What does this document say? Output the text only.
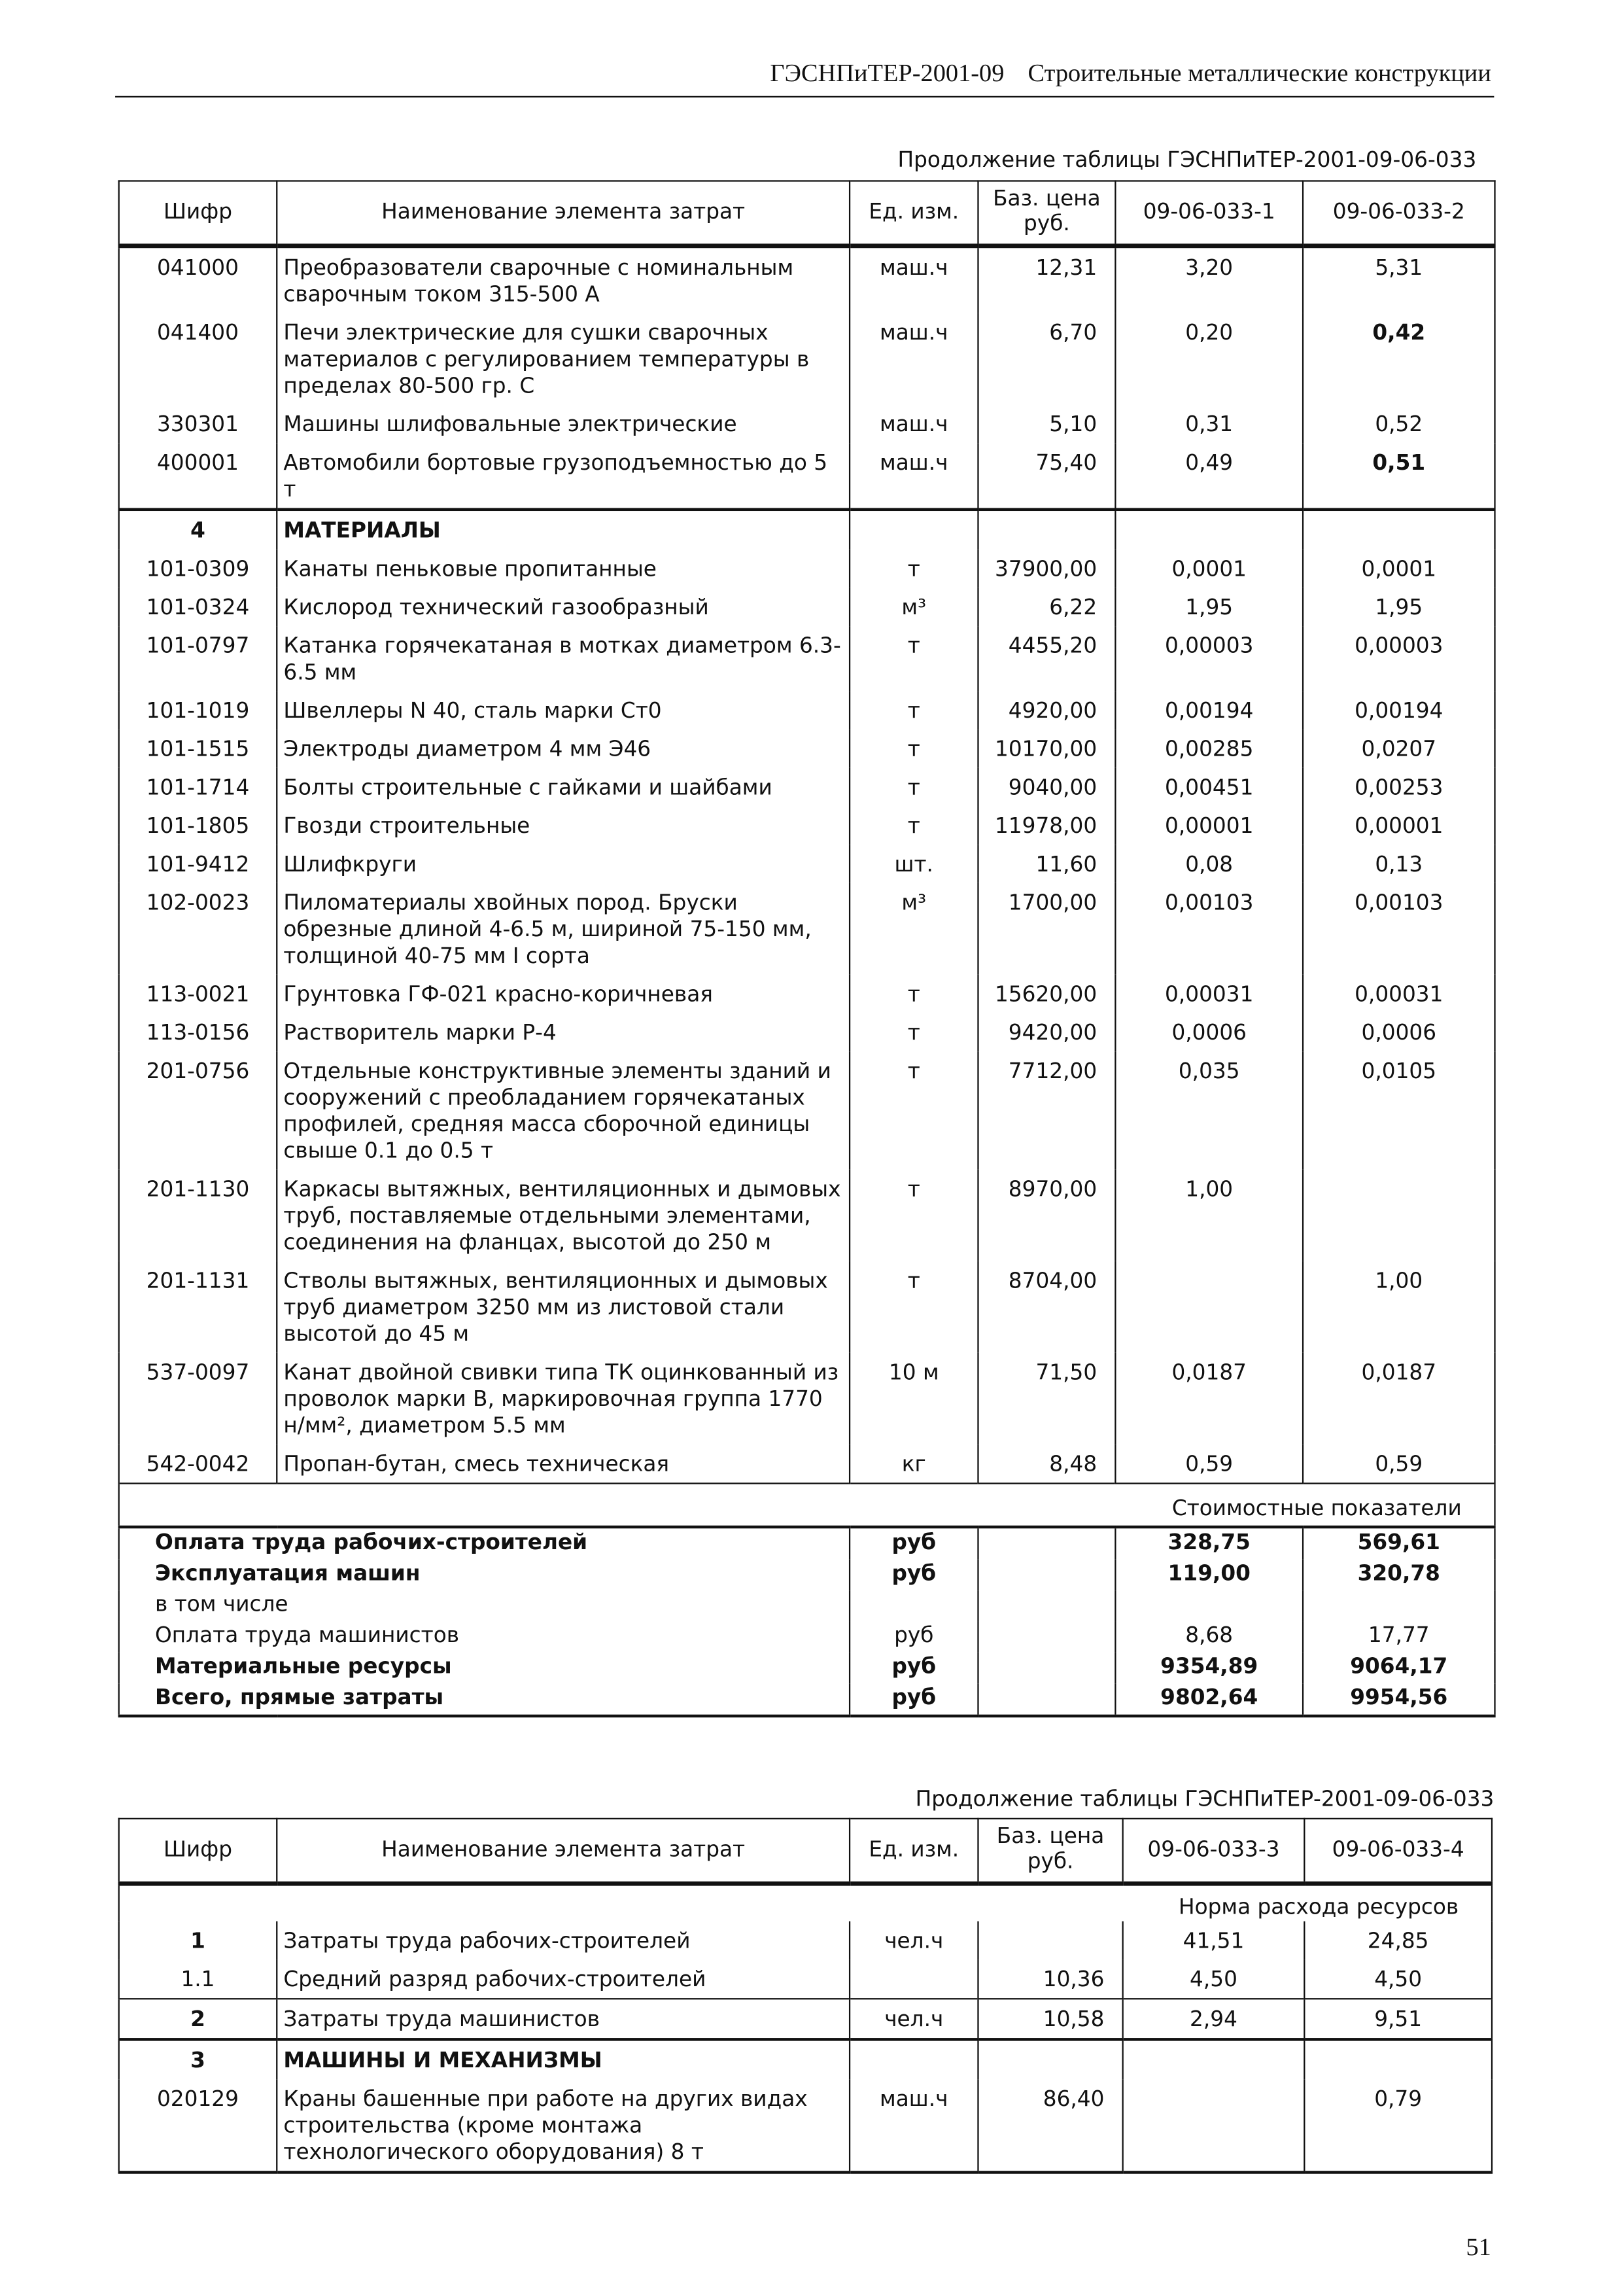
ГЭСНПиТЕР-2001-09 Строительные металлические конструкции
Продолжение таблицы ГЭСНПиТЕР-2001-09-06-033
Шифр	Наименование элемента затрат	Ед. изм.	Баз. цена руб.	09-06-033-1	09-06-033-2
041000	Преобразователи сварочные с номинальным сварочным током 315-500 А	маш.ч	12,31	3,20	5,31
041400	Печи электрические для сушки сварочных материалов с регулированием температуры в пределах 80-500 гр. С	маш.ч	6,70	0,20	0,42
330301	Машины шлифовальные электрические	маш.ч	5,10	0,31	0,52
400001	Автомобили бортовые грузоподъемностью до 5 т	маш.ч	75,40	0,49	0,51
4	МАТЕРИАЛЫ				
101-0309	Канаты пеньковые пропитанные	т	37900,00	0,0001	0,0001
101-0324	Кислород технический газообразный	м³	6,22	1,95	1,95
101-0797	Катанка горячекатаная в мотках диаметром 6.3-6.5 мм	т	4455,20	0,00003	0,00003
101-1019	Швеллеры N 40, сталь марки Ст0	т	4920,00	0,00194	0,00194
101-1515	Электроды диаметром 4 мм Э46	т	10170,00	0,00285	0,0207
101-1714	Болты строительные с гайками и шайбами	т	9040,00	0,00451	0,00253
101-1805	Гвозди строительные	т	11978,00	0,00001	0,00001
101-9412	Шлифкруги	шт.	11,60	0,08	0,13
102-0023	Пиломатериалы хвойных пород. Бруски обрезные длиной 4-6.5 м, шириной 75-150 мм, толщиной 40-75 мм I сорта	м³	1700,00	0,00103	0,00103
113-0021	Грунтовка ГФ-021 красно-коричневая	т	15620,00	0,00031	0,00031
113-0156	Растворитель марки Р-4	т	9420,00	0,0006	0,0006
201-0756	Отдельные конструктивные элементы зданий и сооружений с преобладанием горячекатаных профилей, средняя масса сборочной единицы свыше 0.1 до 0.5 т	т	7712,00	0,035	0,0105
201-1130	Каркасы вытяжных, вентиляционных и дымовых труб, поставляемые отдельными элементами, соединения на фланцах, высотой до 250 м	т	8970,00	1,00	
201-1131	Стволы вытяжных, вентиляционных и дымовых труб диаметром 3250 мм из листовой стали высотой до 45 м	т	8704,00		1,00
537-0097	Канат двойной свивки типа ТК оцинкованный из проволок марки В, маркировочная группа 1770 н/мм², диаметром 5.5 мм	10 м	71,50	0,0187	0,0187
542-0042	Пропан-бутан, смесь техническая	кг	8,48	0,59	0,59
Стоимостные показатели					
Оплата труда рабочих-строителей		руб		328,75	569,61
Эксплуатация машин		руб		119,00	320,78
в том числе					
Оплата труда машинистов		руб		8,68	17,77
Материальные ресурсы		руб		9354,89	9064,17
Всего, прямые затраты		руб		9802,64	9954,56
Продолжение таблицы ГЭСНПиТЕР-2001-09-06-033
Шифр	Наименование элемента затрат	Ед. изм.	Баз. цена руб.	09-06-033-3	09-06-033-4
Норма расхода ресурсов					
1	Затраты труда рабочих-строителей	чел.ч		41,51	24,85
1.1	Средний разряд рабочих-строителей		10,36	4,50	4,50
2	Затраты труда машинистов	чел.ч	10,58	2,94	9,51
3	МАШИНЫ И МЕХАНИЗМЫ				
020129	Краны башенные при работе на других видах строительства (кроме монтажа технологического оборудования) 8 т	маш.ч	86,40		0,79
51
